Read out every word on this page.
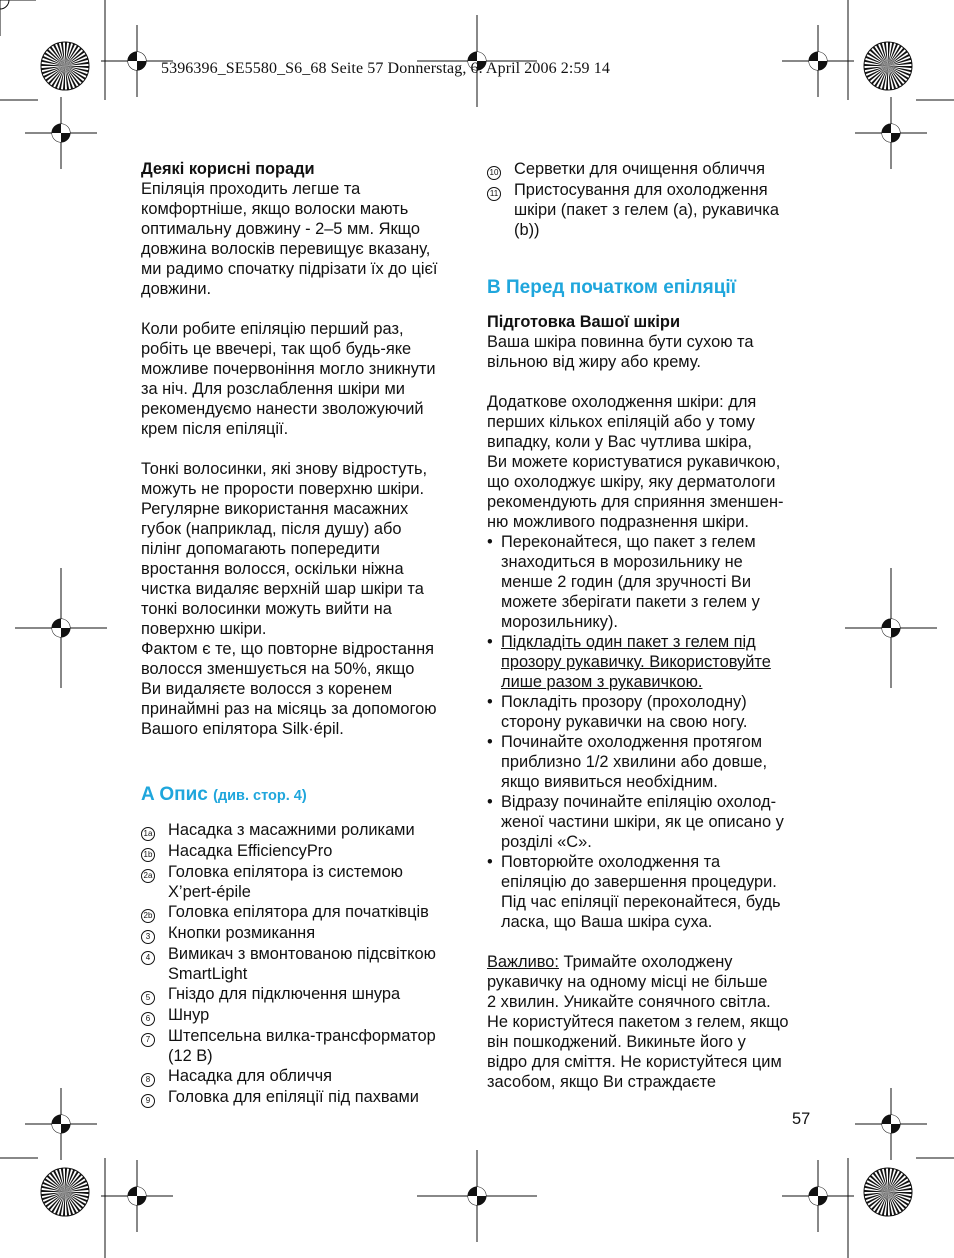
5396396_SE5580_S6_68 Seite 57 Donnerstag, 6. April 2006 2:59 14

Деякі корисні поради

Епіляція проходить легше та

комфортніше, якщо волоски мають

оптимальну довжину - 2–5 мм. Якщо

довжина волосків перевищує вказану,

ми радимо спочатку підрізати їх до цієї

довжини.

Коли робите епіляцію перший раз,

робіть це ввечері, так щоб будь-яке

можливе почервоніння могло зникнути

за ніч. Для розслаблення шкіри ми

рекомендуємо нанести зволожуючий

крем після епіляції.

Тонкі волосинки, які знову відростуть,

можуть не прорости поверхню шкіри.

Регулярне використання масажних

губок (наприклад, після душу) або

пілінг допомагають попередити

вростання волосся, оскільки ніжна

чистка видаляє верхній шар шкіри та

тонкі волосинки можуть вийти на

поверхню шкіри.

Фактом є те, що повторне відростання

волосся зменшується на 50%, якщо

Ви видаляєте волосся з коренем

принаймні раз на місяць за допомогою

Вашого епілятора Silk·épil.

A Опис (див. стор. 4)
1a Насадка з масажними роликами
1b Насадка EfficiencyPro
2a Головка епілятора із системою
X’pert-épile
2b Головка епілятора для початківців
3	Кнопки розмикання
4	Вимикач з вмонтованою підсвіткою
SmartLight
5	Гніздо для підключення шнура
6	Шнур
7	Штепсельна вилка-трансформатор
(12 В)
8	Насадка для обличчя
9	Головка для епіляції під пахвами
10 Серветки для очищення обличчя
11 Пристосування для охолодження
шкіри (пакет з гелем (a), рукавичка
(b))
B Перед початком епіляції

Підготовка Вашої шкіри

Ваша шкіра повинна бути сухою та

вільною від жиру або крему.

Додаткове охолодження шкіри: для

перших кількох епіляцій або у тому

випадку, коли у Вас чутлива шкіра,

Ви можете користуватися рукавичкою,

що охолоджує шкіру, яку дерматологи

рекомендують для сприяння зменшен-

ню можливого подразнення шкіри.

• Переконайтеся, що пакет з гелем
знаходиться в морозильнику не
менше 2 годин (для зручності Ви
можете зберігати пакети з гелем у
морозильнику).
• Підкладіть один пакет з гелем під
прозору рукавичку. Використовуйте
лише разом з рукавичкою.
• Покладіть прозору (прохолодну)
сторону рукавички на свою ногу.
• Починайте охолодження протягом
приблизно 1/2 хвилини або довше,
якщо виявиться необхідним.
• Відразу починайте епіляцію охолод-
женої частини шкіри, як це описано у
розділі «C».
• Повторюйте охолодження та
епіляцію до завершення процедури.
Під час епіляції переконайтеся, будь
ласка, що Ваша шкіра суха.

Важливо: Тримайте охолоджену

рукавичку на одному місці не більше

2 хвилин. Уникайте сонячного світла.

Не користуйтеся пакетом з гелем, якщо

він пошкоджений. Викиньте його у

відро для сміття. Не користуйтеся цим

засобом, якщо Ви страждаєте

57
